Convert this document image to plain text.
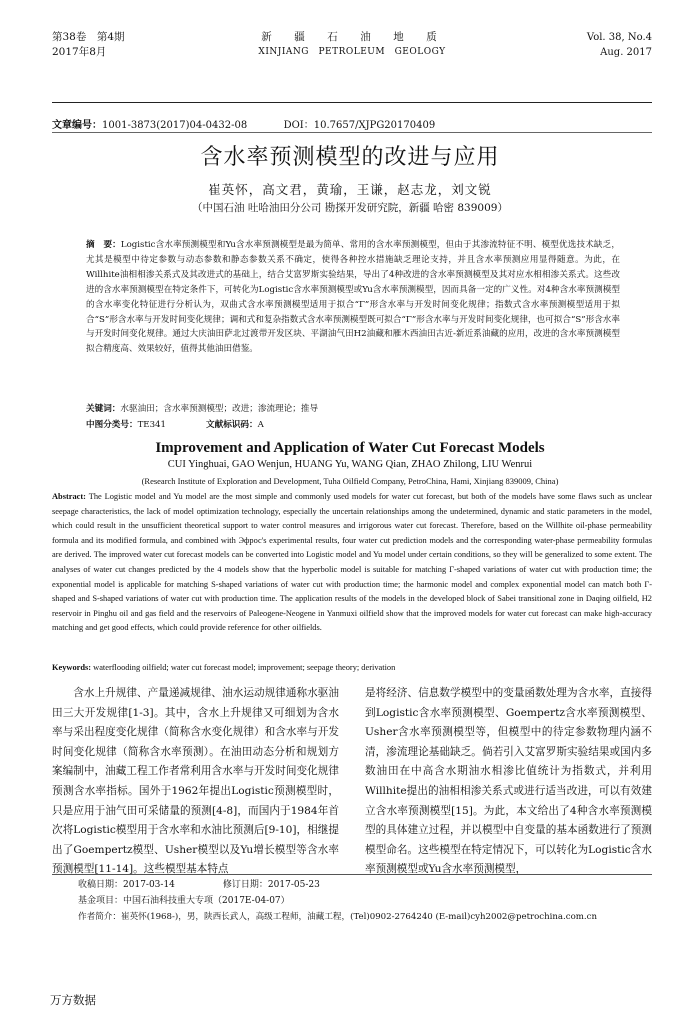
第38卷　第4期
2017年8月
新　疆　石　油　地　质
XINJIANG　PETROLEUM　GEOLOGY
Vol. 38, No.4
Aug. 2017
文章编号：1001-3873(2017)04-0432-08	DOI：10.7657/XJPG20170409
含水率预测模型的改进与应用
崔英怀，高文君，黄瑜，王谦，赵志龙，刘文锐
（中国石油 吐哈油田分公司 勘探开发研究院，新疆 哈密 839009）
摘　要：Logistic含水率预测模型和Yu含水率预测模型是最为简单、常用的含水率预测模型，但由于其渗流特征不明、模型优选技术缺乏，尤其是模型中待定参数与动态参数和静态参数关系不确定，使得各种控水措施缺乏理论支持，并且含水率预测应用显得随意。为此，在Willhite油相相渗关系式及其改进式的基础上，结合艾富罗斯实验结果，导出了4种改进的含水率预测模型及其对应水相相渗关系式。这些改进的含水率预测模型在特定条件下，可转化为Logistic含水率预测模型或Yu含水率预测模型，因而具备一定的广义性。对4种含水率预测模型的含水率变化特征进行分析认为，双曲式含水率预测模型适用于拟合“Γ”形含水率与开发时间变化规律；指数式含水率预测模型适用于拟合“S”形含水率与开发时间变化规律；调和式和复杂指数式含水率预测模型既可拟合“Γ”形含水率与开发时间变化规律，也可拟合“S”形含水率与开发时间变化规律。通过大庆油田萨北过渡带开发区块、平湖油气田H2油藏和雁木西油田古近-新近系油藏的应用，改进的含水率预测模型拟合精度高、效果较好，值得其他油田借鉴。
关键词：水驱油田；含水率预测模型；改进；渗流理论；推导
中图分类号：TE341	文献标识码：A
Improvement and Application of Water Cut Forecast Models
CUI Yinghuai, GAO Wenjun, HUANG Yu, WANG Qian, ZHAO Zhilong, LIU Wenrui
(Research Institute of Exploration and Development, Tuha Oilfield Company, PetroChina, Hami, Xinjiang 839009, China)
Abstract: The Logistic model and Yu model are the most simple and commonly used models for water cut forecast, but both of the models have some flaws such as unclear seepage characteristics, the lack of model optimization technology, especially the uncertain relationships among the undetermined, dynamic and static parameters in the model, which could result in the unsufficient theoretical support to water control measures and irrigorous water cut forecast. Therefore, based on the Willhite oil-phase permeability formula and its modified formula, and combined with Эфрос's experimental results, four water cut prediction models and the corresponding water-phase permeability formulas are derived. The improved water cut forecast models can be converted into Logistic model and Yu model under certain conditions, so they will be generalized to some extent. The analyses of water cut changes predicted by the 4 models show that the hyperbolic model is suitable for matching Γ-shaped variations of water cut with production time; the exponential model is applicable for matching S-shaped variations of water cut with production time; the harmonic model and complex exponential model can match both Γ-shaped and S-shaped variations of water cut with production time. The application results of the models in the developed block of Sabei transitional zone in Daqing oilfield, H2 reservoir in Pinghu oil and gas field and the reservoirs of Paleogene-Neogene in Yanmuxi oilfield show that the improved models for water cut forecast can make high-accuracy matching and get good effects, which could provide reference for other oilfields.
Keywords: waterflooding oilfield; water cut forecast model; improvement; seepage theory; derivation
含水上升规律、产量递减规律、油水运动规律通称水驱油田三大开发规律[1-3]。其中，含水上升规律又可细划为含水率与采出程度变化规律（简称含水变化规律）和含水率与开发时间变化规律（简称含水率预测）。在油田动态分析和规划方案编制中，油藏工程工作者常利用含水率与开发时间变化规律预测含水率指标。国外于1962年提出Logistic预测模型时，只是应用于油气田可采储量的预测[4-8]，而国内于1984年首次将Logistic模型用于含水率和水油比预测后[9-10]，相继提出了Goempertz模型、Usher模型以及Yu增长模型等含水率预测模型[11-14]。这些模型基本特点
是将经济、信息数学模型中的变量函数处理为含水率，直接得到Logistic含水率预测模型、Goempertz含水率预测模型、Usher含水率预测模型等，但模型中的待定参数物理内涵不清，渗流理论基础缺乏。倘若引入艾富罗斯实验结果或国内多数油田在中高含水期油水相渗比值统计为指数式，并利用Willhite提出的油相相渗关系式或进行适当改进，可以有效建立含水率预测模型[15]。为此，本文给出了4种含水率预测模型的具体建立过程，并以模型中自变量的基本函数进行了预测模型命名。这些模型在特定情况下，可以转化为Logistic含水率预测模型或Yu含水率预测模型，
收稿日期：2017-03-14	修订日期：2017-05-23
基金项目：中国石油科技重大专项（2017E-04-07）
作者简介：崔英怀(1968-)，男，陕西长武人，高级工程师，油藏工程，(Tel)0902-2764240 (E-mail)cyh2002@petrochina.com.cn
万方数据
